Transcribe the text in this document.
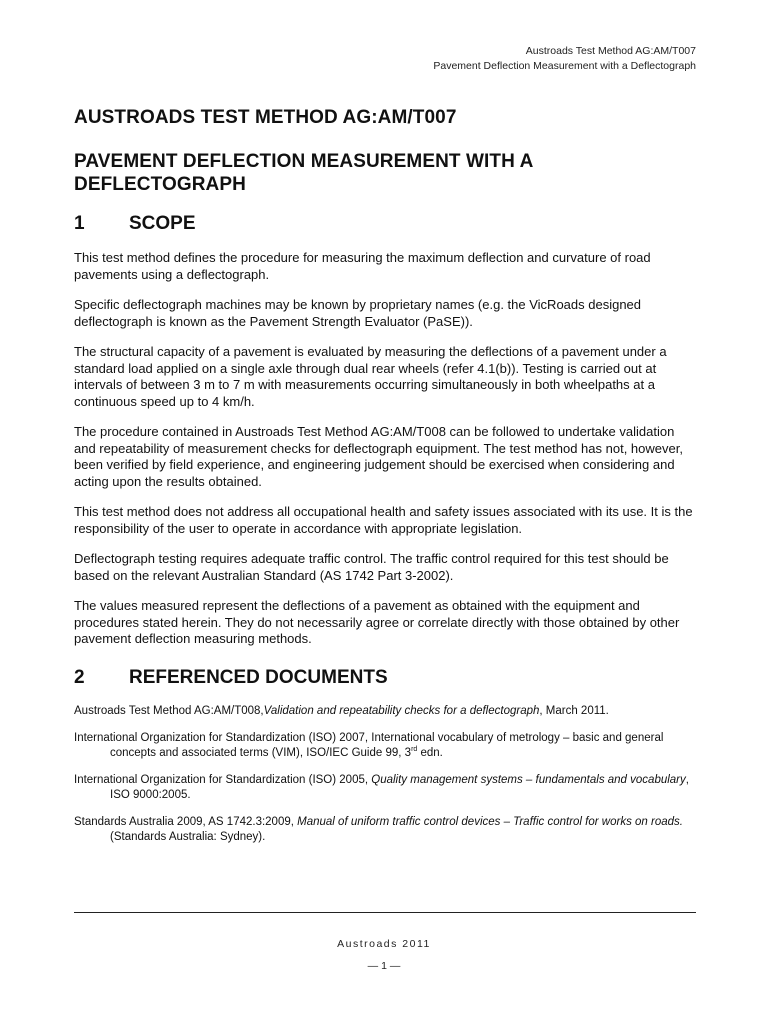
Austroads Test Method AG:AM/T007
Pavement Deflection Measurement with a Deflectograph
AUSTROADS TEST METHOD AG:AM/T007
PAVEMENT DEFLECTION MEASUREMENT WITH A DEFLECTOGRAPH
1	SCOPE

This test method defines the procedure for measuring the maximum deflection and curvature of road pavements using a deflectograph.

Specific deflectograph machines may be known by proprietary names (e.g. the VicRoads designed deflectograph is known as the Pavement Strength Evaluator (PaSE)).

The structural capacity of a pavement is evaluated by measuring the deflections of a pavement under a standard load applied on a single axle through dual rear wheels (refer 4.1(b)). Testing is carried out at intervals of between 3 m to 7 m with measurements occurring simultaneously in both wheelpaths at a continuous speed up to 4 km/h.

The procedure contained in Austroads Test Method AG:AM/T008 can be followed to undertake validation and repeatability of measurement checks for deflectograph equipment. The test method has not, however, been verified by field experience, and engineering judgement should be exercised when considering and acting upon the results obtained.

This test method does not address all occupational health and safety issues associated with its use. It is the responsibility of the user to operate in accordance with appropriate legislation.

Deflectograph testing requires adequate traffic control. The traffic control required for this test should be based on the relevant Australian Standard (AS 1742 Part 3-2002).

The values measured represent the deflections of a pavement as obtained with the equipment and procedures stated herein. They do not necessarily agree or correlate directly with those obtained by other pavement deflection measuring methods.

2	REFERENCED DOCUMENTS

Austroads Test Method AG:AM/T008,Validation and repeatability checks for a deflectograph, March 2011.

International Organization for Standardization (ISO) 2007, International vocabulary of metrology – basic and general concepts and associated terms (VIM), ISO/IEC Guide 99, 3rd edn.

International Organization for Standardization (ISO) 2005, Quality management systems – fundamentals and vocabulary, ISO 9000:2005.

Standards Australia 2009, AS 1742.3:2009, Manual of uniform traffic control devices – Traffic control for works on roads. (Standards Australia: Sydney).

Austroads 2011
— 1 —
